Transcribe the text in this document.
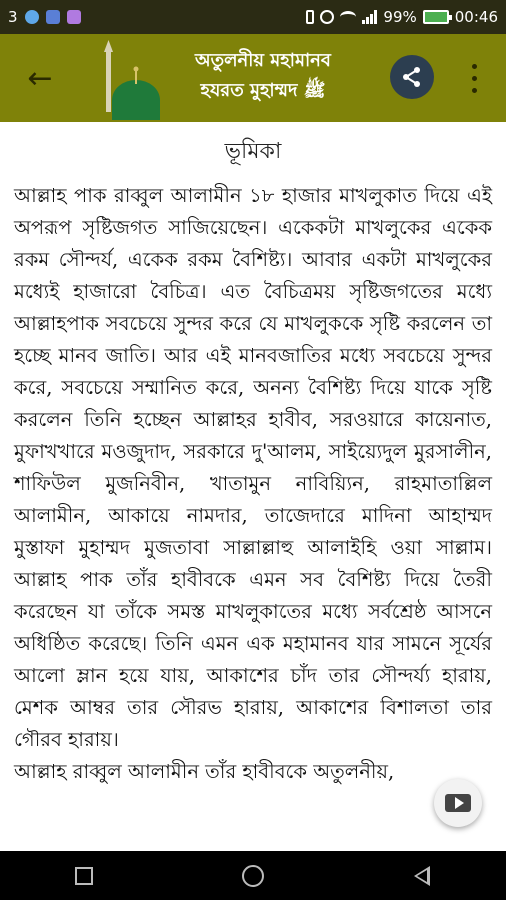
3	99%	00:46
←	অতুলনীয় মহামানব
হযরত মুহাম্মদ ﷺ
ভূমিকা

আল্লাহ পাক রাব্বুল আলামীন ১৮ হাজার মাখলুকাত দিয়ে এই অপরূপ সৃষ্টিজগত সাজিয়েছেন। একেকটা মাখলুকের একেক রকম সৌন্দর্য, একেক রকম বৈশিষ্ট্য। আবার একটা মাখলুকের মধ্যেই হাজারো বৈচিত্র। এত বৈচিত্রময় সৃষ্টিজগতের মধ্যে আল্লাহপাক সবচেয়ে সুন্দর করে যে মাখলুককে সৃষ্টি করলেন তা হচ্ছে মানব জাতি। আর এই মানবজাতির মধ্যে সবচেয়ে সুন্দর করে, সবচেয়ে সম্মানিত করে, অনন্য বৈশিষ্ট্য দিয়ে যাকে সৃষ্টি করলেন তিনি হচ্ছেন আল্লাহর হাবীব, সরওয়ারে কায়েনাত, মুফাখখারে মওজুদাদ, সরকারে দু'আলম, সাইয়্যেদুল মুরসালীন, শাফিউল মুজনিবীন, খাতামুন নাবিয়্যিন, রাহমাতাল্লিল আলামীন, আকায়ে নামদার, তাজেদারে মাদিনা আহাম্মদ মুস্তাফা মুহাম্মদ মুজতাবা সাল্লাল্লাহু আলাইহি ওয়া সাল্লাম। আল্লাহ পাক তাঁর হাবীবকে এমন সব বৈশিষ্ট্য দিয়ে তৈরী করেছেন যা তাঁকে সমস্ত মাখলুকাতের মধ্যে সর্বশ্রেষ্ঠ আসনে অধিষ্ঠিত করেছে। তিনি এমন এক মহামানব যার সামনে সূর্যের আলো ম্লান হয়ে যায়, আকাশের চাঁদ তার সৌন্দর্য্য হারায়, মেশক আম্বর তার সৌরভ হারায়, আকাশের বিশালতা তার গৌরব হারায়।

আল্লাহ রাব্বুল আলামীন তাঁর হাবীবকে অতুলনীয়,
